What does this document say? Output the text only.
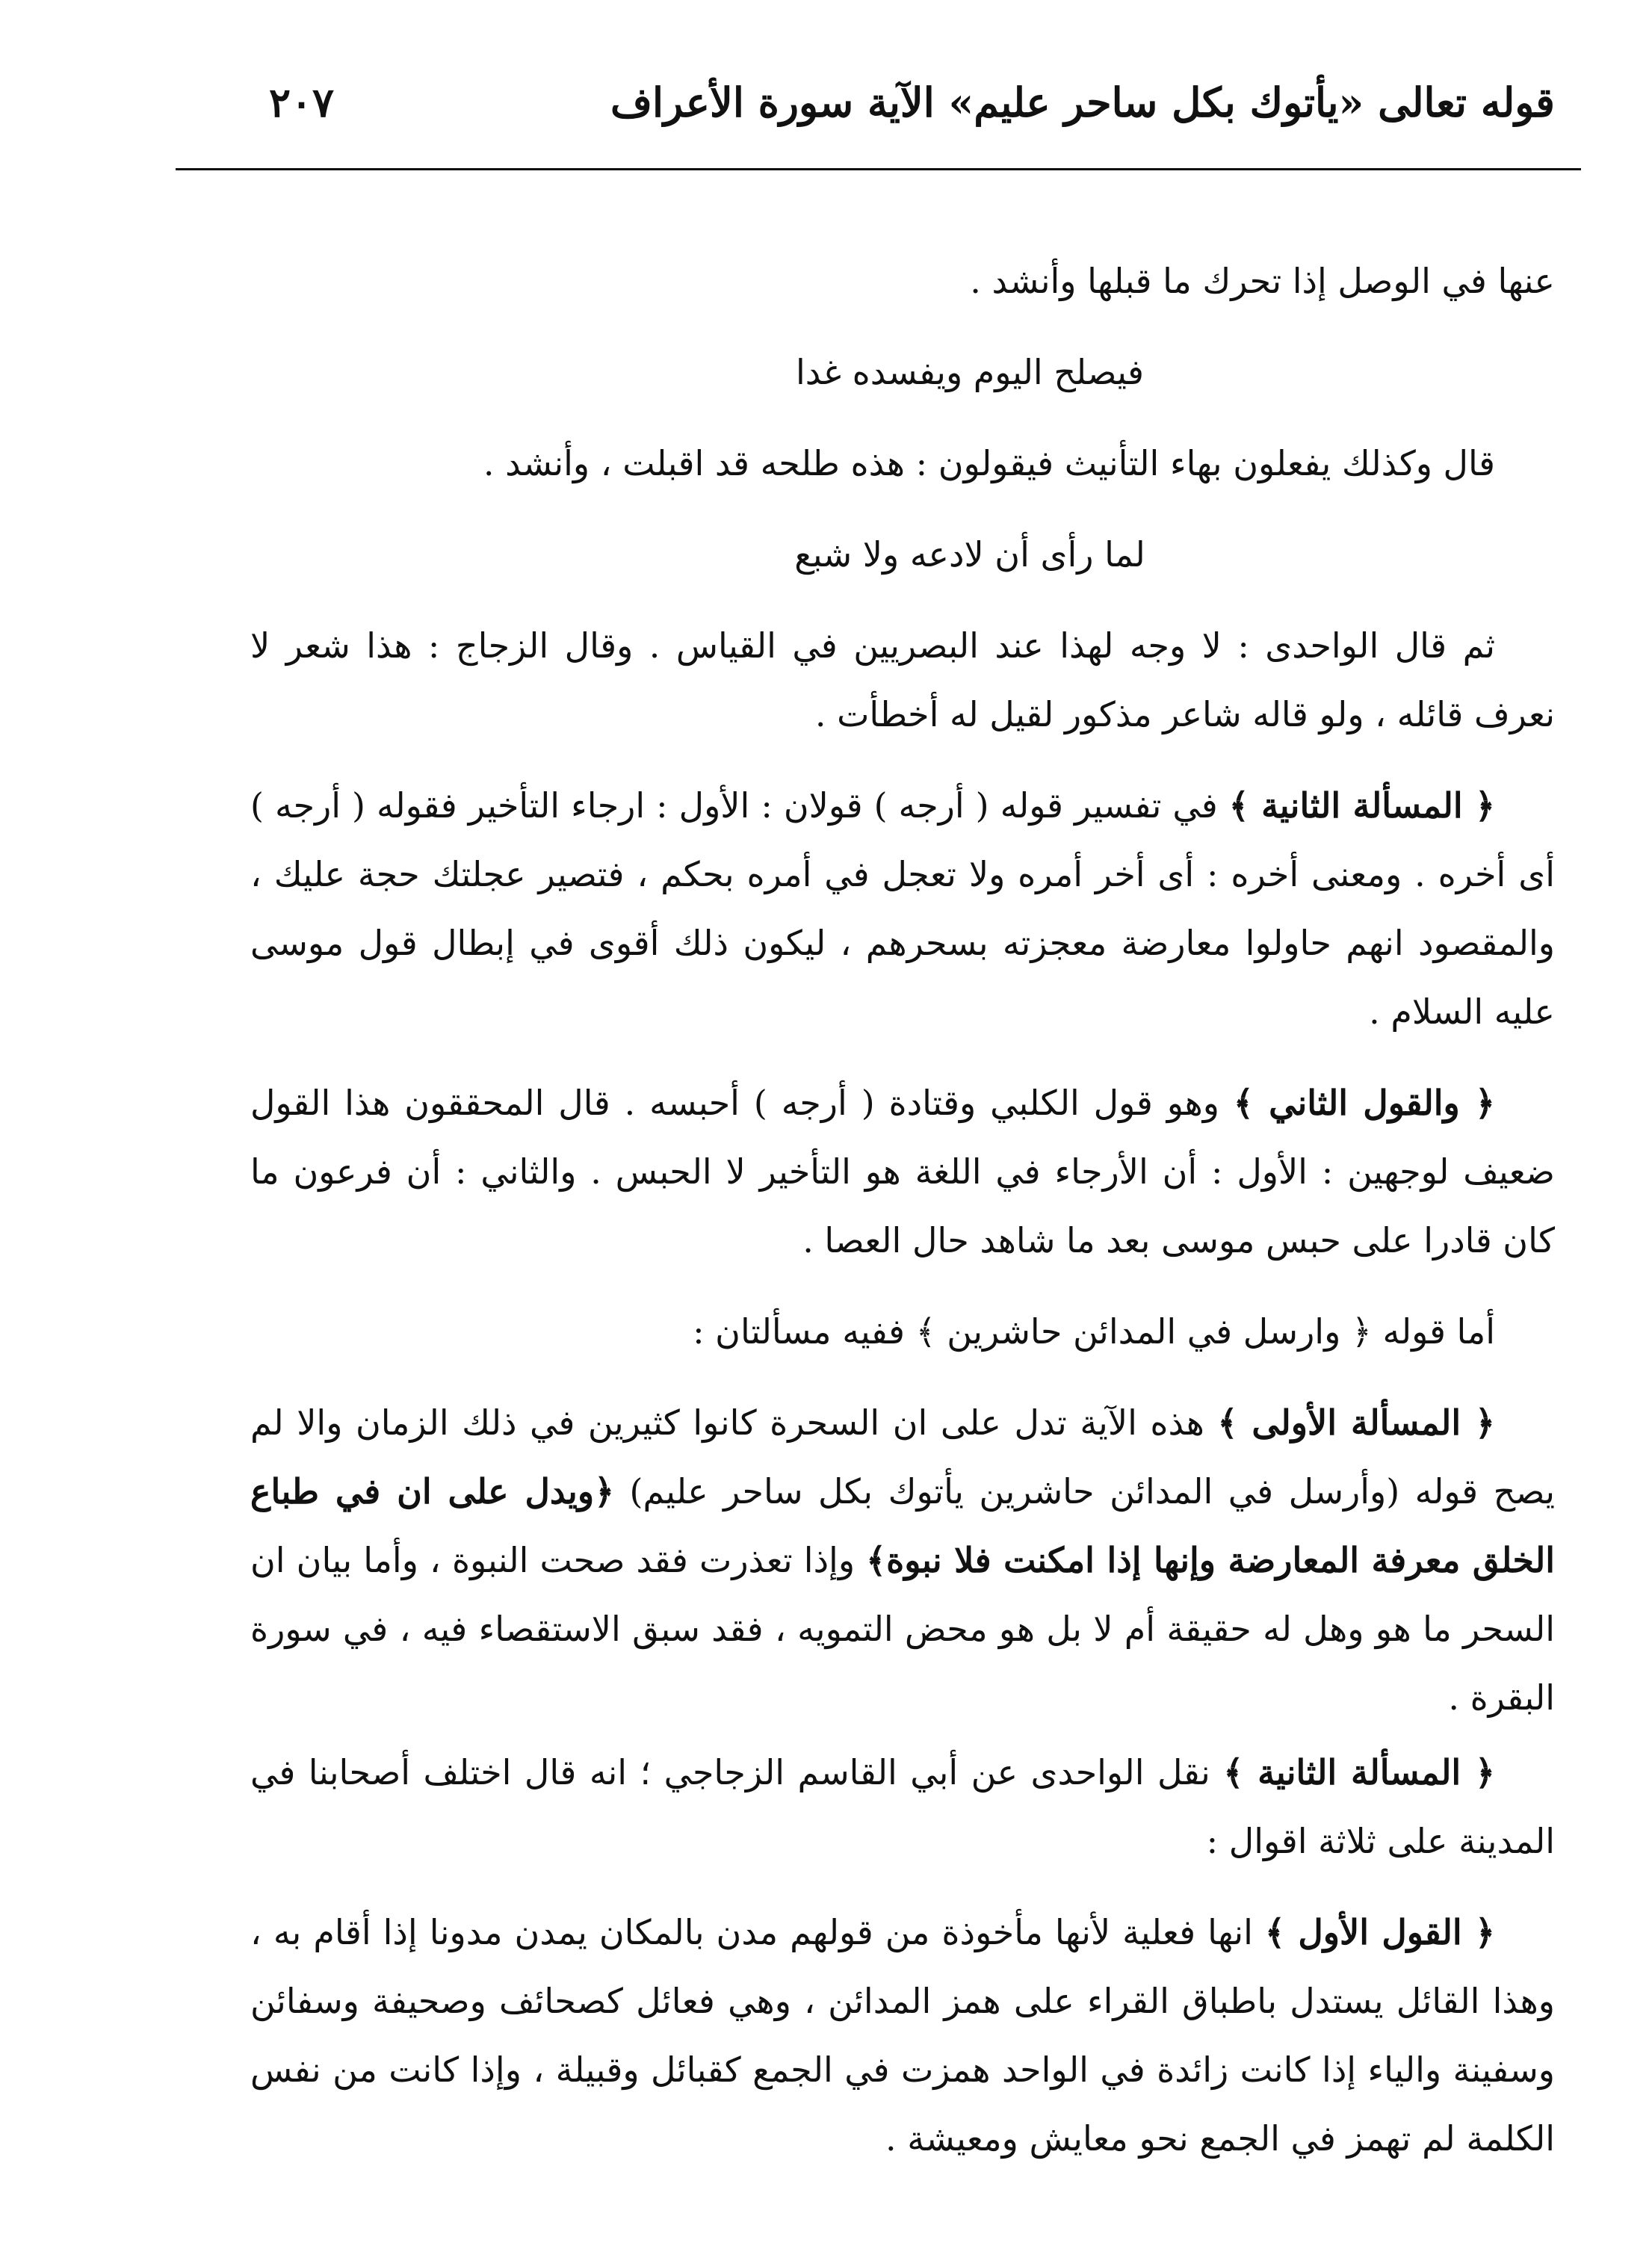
قوله تعالى «يأتوك بكل ساحر عليم» الآية سورة الأعراف
٢٠٧

عنها في الوصل إذا تحرك ما قبلها وأنشد .

فيصلح اليوم ويفسده غدا

قال وكذلك يفعلون بهاء التأنيث فيقولون : هذه طلحه قد اقبلت ، وأنشد .

لما رأى أن لادعه ولا شبع

ثم قال الواحدى : لا وجه لهذا عند البصريين في القياس . وقال الزجاج : هذا شعر لا نعرف قائله ، ولو قاله شاعر مذكور لقيل له أخطأت .

﴿ المسألة الثانية ﴾ في تفسير قوله ( أرجه ) قولان : الأول : ارجاء التأخير فقوله ( أرجه ) أى أخره . ومعنى أخره : أى أخر أمره ولا تعجل في أمره بحكم ، فتصير عجلتك حجة عليك ، والمقصود انهم حاولوا معارضة معجزته بسحرهم ، ليكون ذلك أقوى في إبطال قول موسى عليه السلام .

﴿ والقول الثاني ﴾ وهو قول الكلبي وقتادة ( أرجه ) أحبسه . قال المحققون هذا القول ضعيف لوجهين : الأول : أن الأرجاء في اللغة هو التأخير لا الحبس . والثاني : أن فرعون ما كان قادرا على حبس موسى بعد ما شاهد حال العصا .

أما قوله ﴿ وارسل في المدائن حاشرين ﴾ ففيه مسألتان :

﴿ المسألة الأولى ﴾ هذه الآية تدل على ان السحرة كانوا كثيرين في ذلك الزمان والا لم يصح قوله (وأرسل في المدائن حاشرين يأتوك بكل ساحر عليم) ﴿ويدل على ان في طباع الخلق معرفة المعارضة وإنها إذا امكنت فلا نبوة﴾ وإذا تعذرت فقد صحت النبوة ، وأما بيان ان السحر ما هو وهل له حقيقة أم لا بل هو محض التمويه ، فقد سبق الاستقصاء فيه ، في سورة البقرة .

﴿ المسألة الثانية ﴾ نقل الواحدى عن أبي القاسم الزجاجي ؛ انه قال اختلف أصحابنا في المدينة على ثلاثة اقوال :

﴿ القول الأول ﴾ انها فعلية لأنها مأخوذة من قولهم مدن بالمكان يمدن مدونا إذا أقام به ، وهذا القائل يستدل باطباق القراء على همز المدائن ، وهي فعائل كصحائف وصحيفة وسفائن وسفينة والياء إذا كانت زائدة في الواحد همزت في الجمع كقبائل وقبيلة ، وإذا كانت من نفس الكلمة لم تهمز في الجمع نحو معايش ومعيشة .
